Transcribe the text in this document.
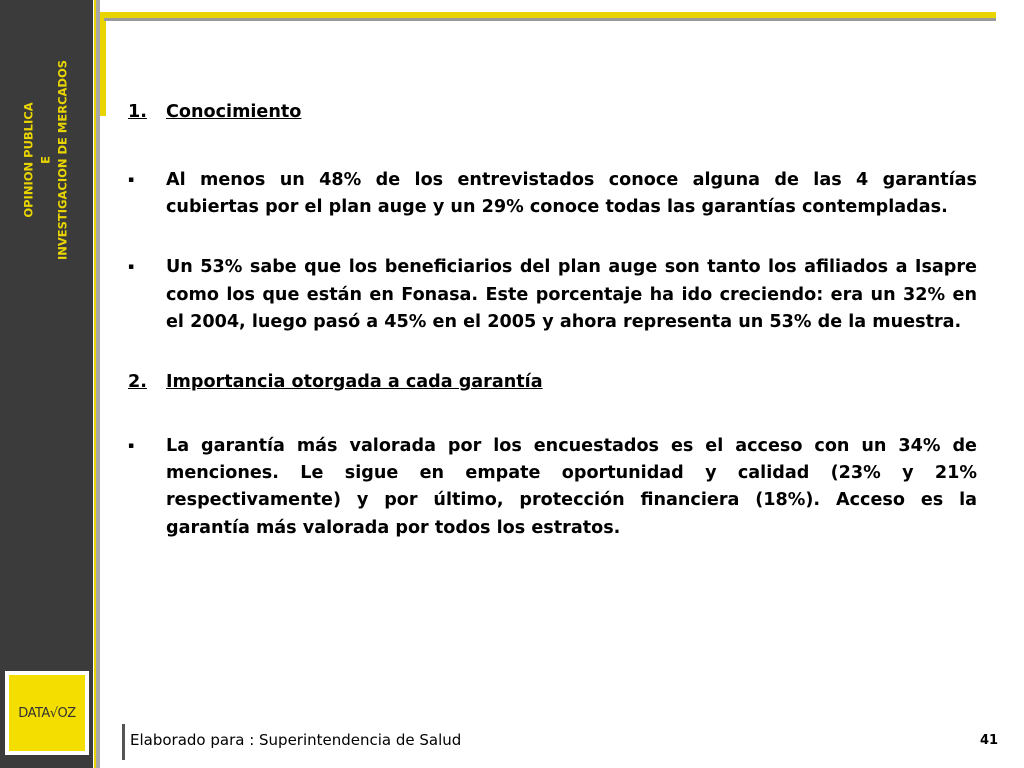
OPINION PUBLICA E INVESTIGACION DE MERCADOS
DATA√OZ
1.	Conocimiento
▪	Al menos un 48% de los entrevistados conoce alguna de las 4 garantías cubiertas por el plan auge y un 29% conoce todas las garantías contempladas.
▪	Un 53% sabe que los beneficiarios del plan auge son tanto los afiliados a Isapre como los que están en Fonasa. Este porcentaje ha ido creciendo: era un 32% en el 2004, luego pasó a 45% en el 2005 y ahora representa un 53% de la muestra.
2.	Importancia otorgada a cada garantía
▪	La garantía más valorada por los encuestados es el acceso con un 34% de menciones. Le sigue en empate oportunidad y calidad (23% y 21% respectivamente) y por último, protección financiera (18%). Acceso es la garantía más valorada por todos los estratos.
Elaborado para : Superintendencia de Salud	41
